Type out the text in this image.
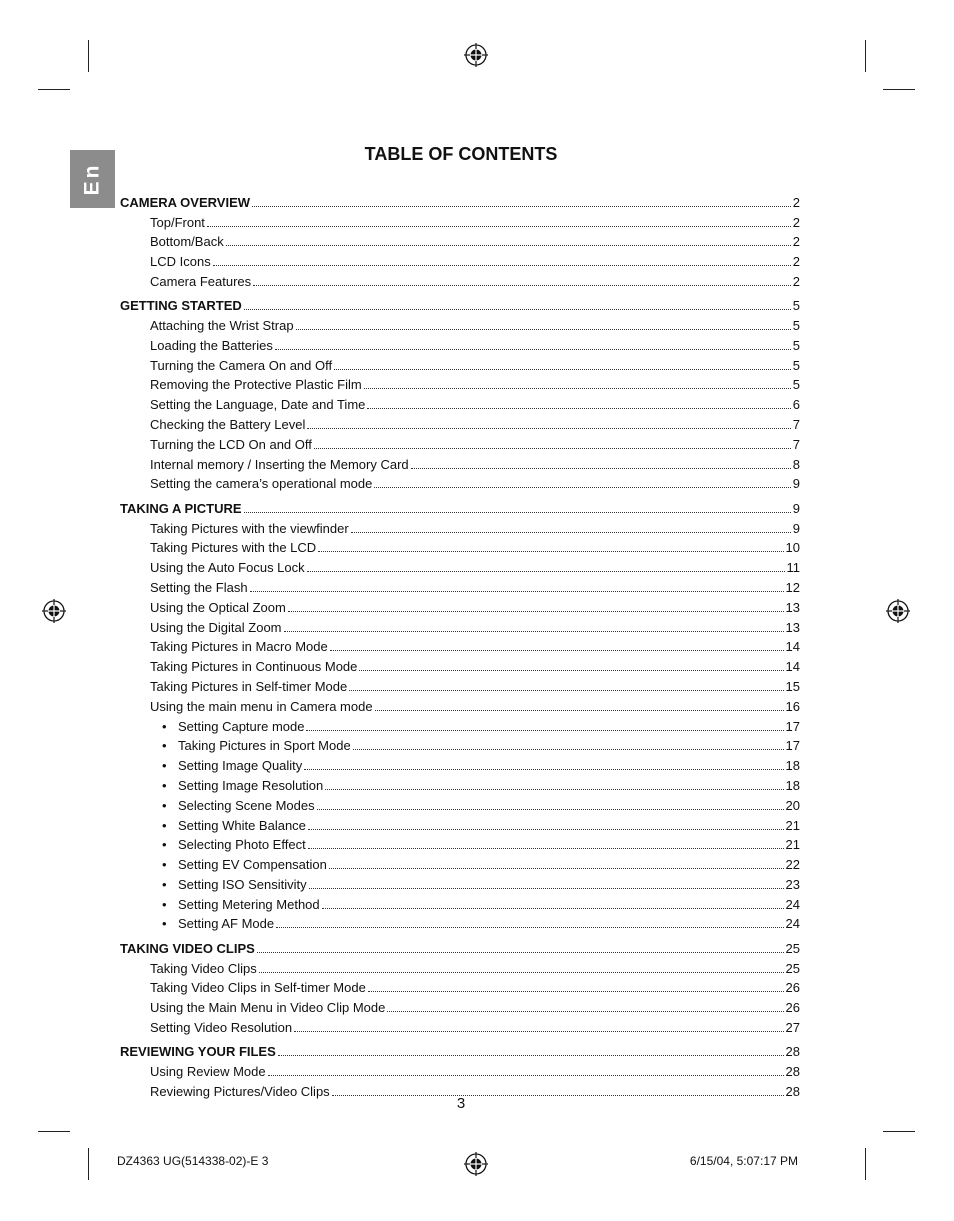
En
TABLE OF CONTENTS
CAMERA OVERVIEW	2
Top/Front	2
Bottom/Back	2
LCD Icons	2
Camera Features	2
GETTING STARTED	5
Attaching the Wrist Strap	5
Loading the Batteries	5
Turning the Camera On and Off	5
Removing the Protective Plastic Film	5
Setting the Language, Date and Time	6
Checking the Battery Level	7
Turning the LCD On and Off	7
Internal memory / Inserting the Memory Card	8
Setting the camera’s operational mode	9
TAKING A PICTURE	9
Taking Pictures with the viewfinder	9
Taking Pictures with the LCD	10
Using the Auto Focus Lock	11
Setting the Flash	12
Using the Optical Zoom	13
Using the Digital Zoom	13
Taking Pictures in Macro Mode	14
Taking Pictures in Continuous Mode	14
Taking Pictures in Self-timer Mode	15
Using the main menu in Camera mode	16
• Setting Capture mode	17
• Taking Pictures in Sport Mode	17
• Setting Image Quality	18
• Setting Image Resolution	18
• Selecting Scene Modes	20
• Setting White Balance	21
• Selecting Photo Effect	21
• Setting EV Compensation	22
• Setting ISO Sensitivity	23
• Setting Metering Method	24
• Setting AF Mode	24
TAKING VIDEO CLIPS	25
Taking Video Clips	25
Taking Video Clips in Self-timer Mode	26
Using the Main Menu in Video Clip Mode	26
Setting Video Resolution	27
REVIEWING YOUR FILES	28
Using Review Mode	28
Reviewing Pictures/Video Clips	28
3
DZ4363 UG(514338-02)-E 3	6/15/04, 5:07:17 PM
